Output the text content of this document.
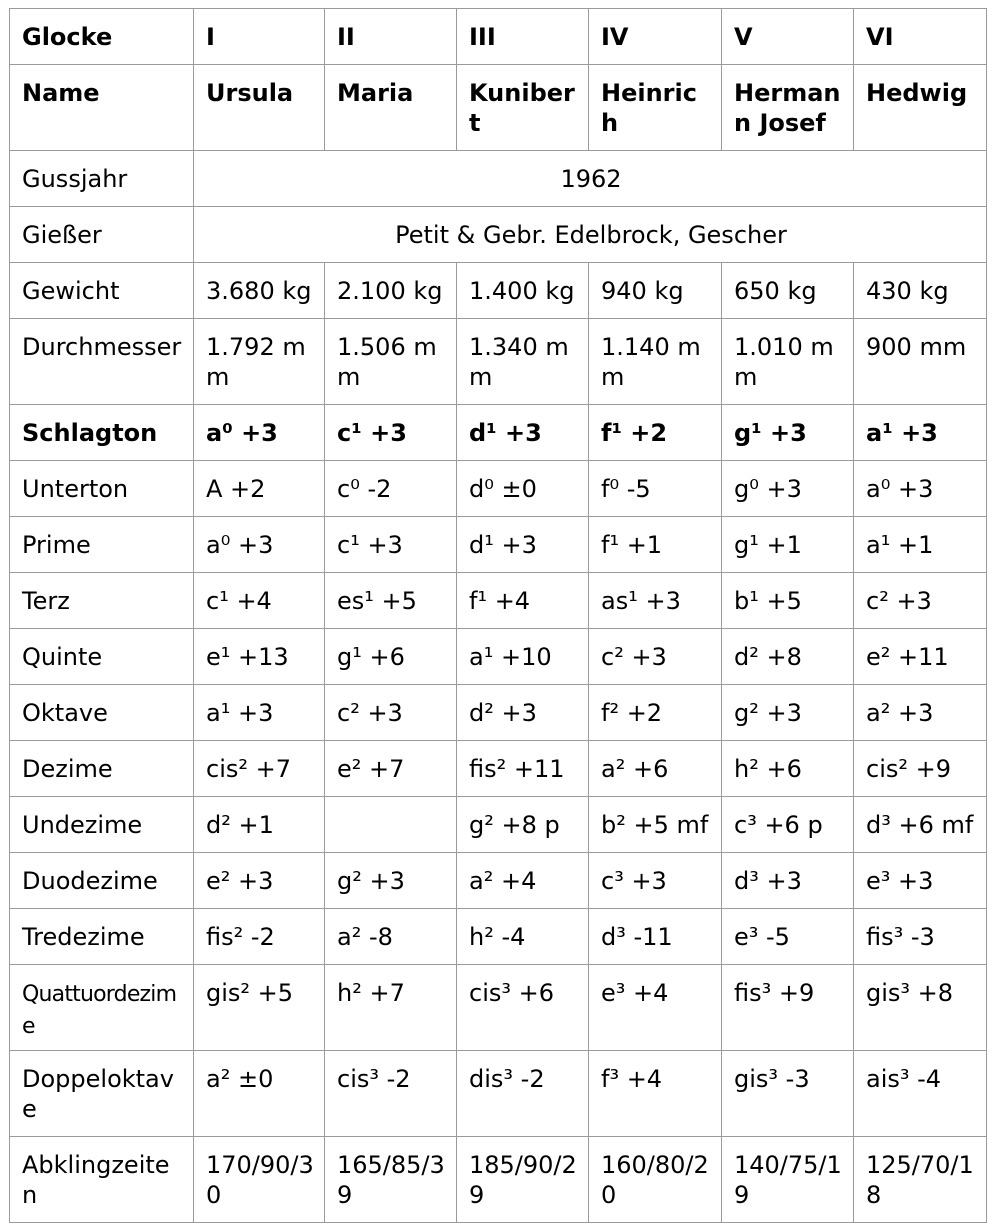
Glocke	I	II	III	IV	V	VI
Name	Ursula	Maria	Kunibert	Heinrich	Hermann Josef	Hedwig
Gussjahr	1962					
Gießer	Petit & Gebr. Edelbrock, Gescher					
Gewicht	3.680 kg	2.100 kg	1.400 kg	940 kg	650 kg	430 kg
Durchmesser	1.792 mm	1.506 mm	1.340 mm	1.140 mm	1.010 mm	900 mm
Schlagton	a⁰ +3	c¹ +3	d¹ +3	f¹ +2	g¹ +3	a¹ +3
Unterton	A +2	c⁰ -2	d⁰ ±0	f⁰ -5	g⁰ +3	a⁰ +3
Prime	a⁰ +3	c¹ +3	d¹ +3	f¹ +1	g¹ +1	a¹ +1
Terz	c¹ +4	es¹ +5	f¹ +4	as¹ +3	b¹ +5	c² +3
Quinte	e¹ +13	g¹ +6	a¹ +10	c² +3	d² +8	e² +11
Oktave	a¹ +3	c² +3	d² +3	f² +2	g² +3	a² +3
Dezime	cis² +7	e² +7	fis² +11	a² +6	h² +6	cis² +9
Undezime	d² +1		g² +8 p	b² +5 mf	c³ +6 p	d³ +6 mf
Duodezime	e² +3	g² +3	a² +4	c³ +3	d³ +3	e³ +3
Tredezime	fis² -2	a² -8	h² -4	d³ -11	e³ -5	fis³ -3
Quattuordezime	gis² +5	h² +7	cis³ +6	e³ +4	fis³ +9	gis³ +8
Doppeloktave	a² ±0	cis³ -2	dis³ -2	f³ +4	gis³ -3	ais³ -4
Abklingzeiten	170/90/30	165/85/39	185/90/29	160/80/20	140/75/19	125/70/18
